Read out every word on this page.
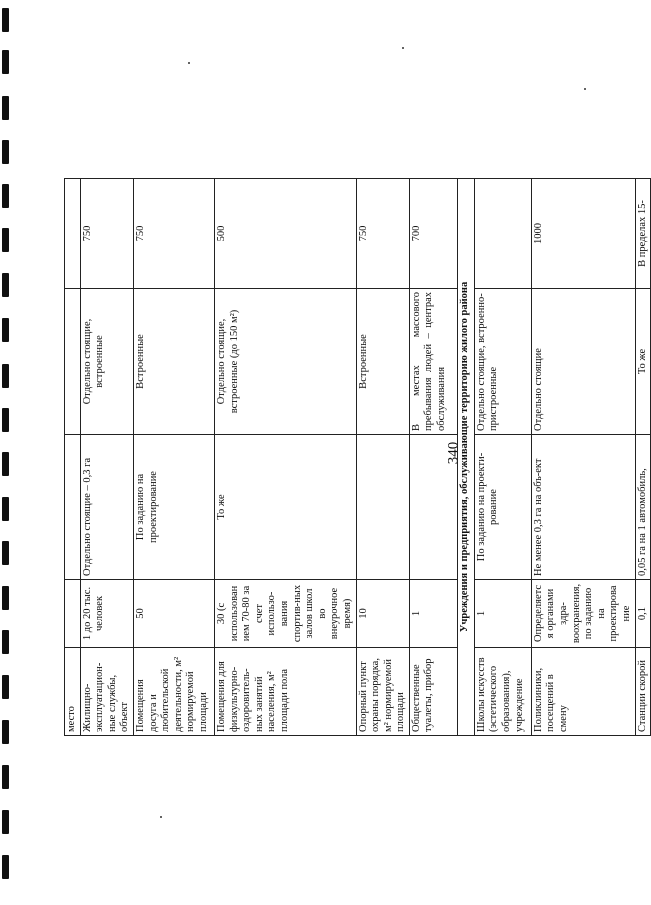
340
место				
Жилищно-эксплуатацион-ные службы, объект	1 до 20 тыс. человек	Отдельно стоящие – 0,3 га	Отдельно стоящие, встроенные	750
Помещения досуга и любительской деятельности, м² нормируемой площади	50	По заданию на проектирование	Встроенные	750
Помещения для физкультурно-оздоровитель-ных занятий населения, м² площади пола	30 (с использованием 70-80 за счет использо-вания спортив-ных залов школ во внеурочное время)	То же	Отдельно стоящие, встроенные (до 150 м²)	500
Опорный пункт охраны порядка, м² нормируемой площади	10		Встроенные	750
Общественные туалеты, прибор	1		В местах массового пребывания людей – центрах обслуживания	700
Учреждения и предприятия, обслуживающие территорию жилого района				
Школы искусств (эстетического образования), учреждение	1	По заданию на проекти-рование	Отдельно стоящие, встроенно-пристроенные	
Поликлиники, посещений в смену	Определяется органами здра-воохранения, по заданию на проектирование	Не менее 0,3 га на объ-ект	Отдельно стоящие	1000
Станции скорой	0,1	0,05 га на 1 автомобиль,	То же	В пределах 15-
